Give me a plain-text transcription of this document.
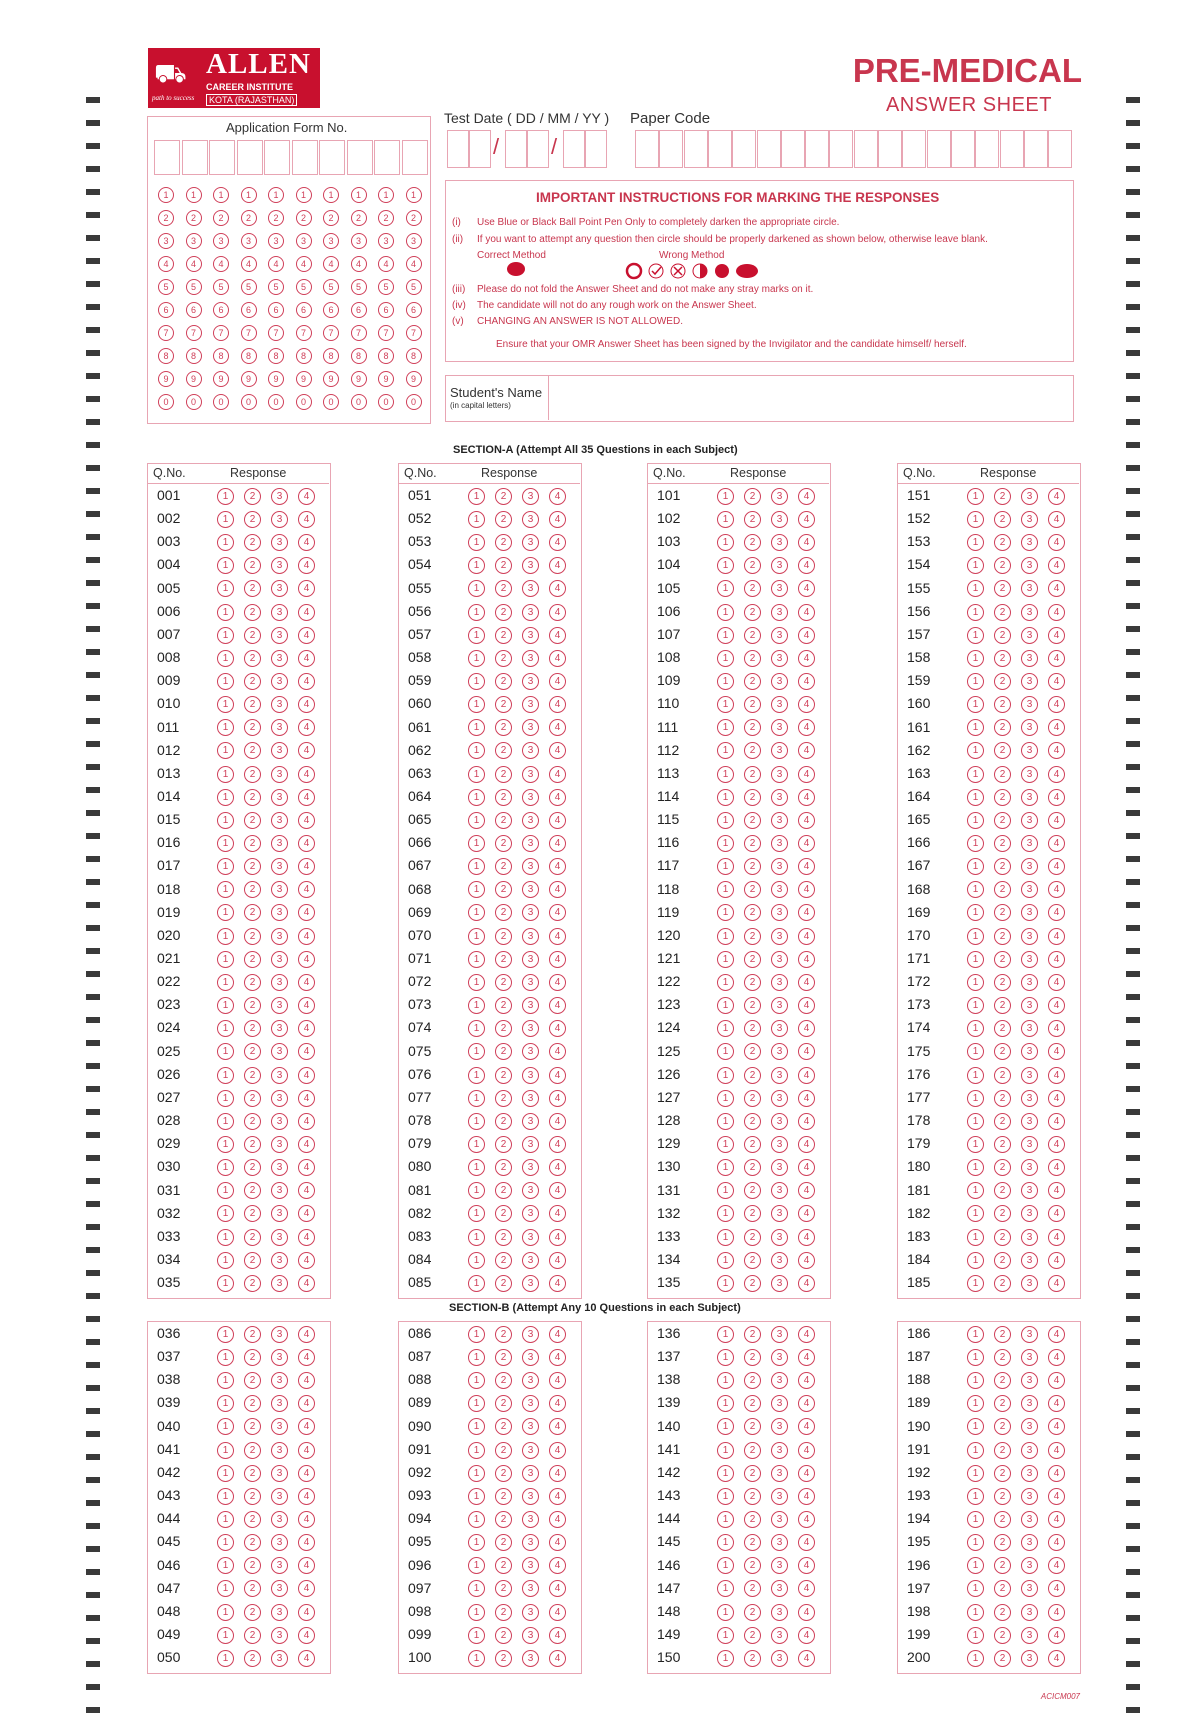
⛟ ALLEN
CAREER INSTITUTE
KOTA (RAJASTHAN)
path to success
PRE-MEDICAL
ANSWER SHEET
Application Form No.
1	1	1	1	1	1	1	1	1	1
2	2	2	2	2	2	2	2	2	2
3	3	3	3	3	3	3	3	3	3
4	4	4	4	4	4	4	4	4	4
5	5	5	5	5	5	5	5	5	5
6	6	6	6	6	6	6	6	6	6
7	7	7	7	7	7	7	7	7	7
8	8	8	8	8	8	8	8	8	8
9	9	9	9	9	9	9	9	9	9
0	0	0	0	0	0	0	0	0	0
Test Date ( DD / MM / YY ) Paper Code
/ /
IMPORTANT INSTRUCTIONS FOR MARKING THE RESPONSES
(i) Use Blue or Black Ball Point Pen Only to completely darken the appropriate circle.
(ii) If you want to attempt any question then circle should be properly darkened as shown below, otherwise leave blank.
Correct Method	Wrong Method
(iii) Please do not fold the Answer Sheet and do not make any stray marks on it.
(iv) The candidate will not do any rough work on the Answer Sheet.
(v) CHANGING AN ANSWER IS NOT ALLOWED.
Ensure that your OMR Answer Sheet has been signed by the Invigilator and the candidate himself/ herself.
Student's Name
(in capital letters)
SECTION-A (Attempt All 35 Questions in each Subject)
SECTION-B (Attempt Any 10 Questions in each Subject)
Q.No.	Response
001	1 2 3 4
002	1 2 3 4
003	1 2 3 4
004	1 2 3 4
005	1 2 3 4
006	1 2 3 4
007	1 2 3 4
008	1 2 3 4
009	1 2 3 4
010	1 2 3 4
011	1 2 3 4
012	1 2 3 4
013	1 2 3 4
014	1 2 3 4
015	1 2 3 4
016	1 2 3 4
017	1 2 3 4
018	1 2 3 4
019	1 2 3 4
020	1 2 3 4
021	1 2 3 4
022	1 2 3 4
023	1 2 3 4
024	1 2 3 4
025	1 2 3 4
026	1 2 3 4
027	1 2 3 4
028	1 2 3 4
029	1 2 3 4
030	1 2 3 4
031	1 2 3 4
032	1 2 3 4
033	1 2 3 4
034	1 2 3 4
035	1 2 3 4
Q.No.	Response
051	1 2 3 4
052	1 2 3 4
053	1 2 3 4
054	1 2 3 4
055	1 2 3 4
056	1 2 3 4
057	1 2 3 4
058	1 2 3 4
059	1 2 3 4
060	1 2 3 4
061	1 2 3 4
062	1 2 3 4
063	1 2 3 4
064	1 2 3 4
065	1 2 3 4
066	1 2 3 4
067	1 2 3 4
068	1 2 3 4
069	1 2 3 4
070	1 2 3 4
071	1 2 3 4
072	1 2 3 4
073	1 2 3 4
074	1 2 3 4
075	1 2 3 4
076	1 2 3 4
077	1 2 3 4
078	1 2 3 4
079	1 2 3 4
080	1 2 3 4
081	1 2 3 4
082	1 2 3 4
083	1 2 3 4
084	1 2 3 4
085	1 2 3 4
Q.No.	Response
101	1 2 3 4
102	1 2 3 4
103	1 2 3 4
104	1 2 3 4
105	1 2 3 4
106	1 2 3 4
107	1 2 3 4
108	1 2 3 4
109	1 2 3 4
110	1 2 3 4
111	1 2 3 4
112	1 2 3 4
113	1 2 3 4
114	1 2 3 4
115	1 2 3 4
116	1 2 3 4
117	1 2 3 4
118	1 2 3 4
119	1 2 3 4
120	1 2 3 4
121	1 2 3 4
122	1 2 3 4
123	1 2 3 4
124	1 2 3 4
125	1 2 3 4
126	1 2 3 4
127	1 2 3 4
128	1 2 3 4
129	1 2 3 4
130	1 2 3 4
131	1 2 3 4
132	1 2 3 4
133	1 2 3 4
134	1 2 3 4
135	1 2 3 4
Q.No.	Response
151	1 2 3 4
152	1 2 3 4
153	1 2 3 4
154	1 2 3 4
155	1 2 3 4
156	1 2 3 4
157	1 2 3 4
158	1 2 3 4
159	1 2 3 4
160	1 2 3 4
161	1 2 3 4
162	1 2 3 4
163	1 2 3 4
164	1 2 3 4
165	1 2 3 4
166	1 2 3 4
167	1 2 3 4
168	1 2 3 4
169	1 2 3 4
170	1 2 3 4
171	1 2 3 4
172	1 2 3 4
173	1 2 3 4
174	1 2 3 4
175	1 2 3 4
176	1 2 3 4
177	1 2 3 4
178	1 2 3 4
179	1 2 3 4
180	1 2 3 4
181	1 2 3 4
182	1 2 3 4
183	1 2 3 4
184	1 2 3 4
185	1 2 3 4
036	1 2 3 4
037	1 2 3 4
038	1 2 3 4
039	1 2 3 4
040	1 2 3 4
041	1 2 3 4
042	1 2 3 4
043	1 2 3 4
044	1 2 3 4
045	1 2 3 4
046	1 2 3 4
047	1 2 3 4
048	1 2 3 4
049	1 2 3 4
050	1 2 3 4
086	1 2 3 4
087	1 2 3 4
088	1 2 3 4
089	1 2 3 4
090	1 2 3 4
091	1 2 3 4
092	1 2 3 4
093	1 2 3 4
094	1 2 3 4
095	1 2 3 4
096	1 2 3 4
097	1 2 3 4
098	1 2 3 4
099	1 2 3 4
100	1 2 3 4
136	1 2 3 4
137	1 2 3 4
138	1 2 3 4
139	1 2 3 4
140	1 2 3 4
141	1 2 3 4
142	1 2 3 4
143	1 2 3 4
144	1 2 3 4
145	1 2 3 4
146	1 2 3 4
147	1 2 3 4
148	1 2 3 4
149	1 2 3 4
150	1 2 3 4
186	1 2 3 4
187	1 2 3 4
188	1 2 3 4
189	1 2 3 4
190	1 2 3 4
191	1 2 3 4
192	1 2 3 4
193	1 2 3 4
194	1 2 3 4
195	1 2 3 4
196	1 2 3 4
197	1 2 3 4
198	1 2 3 4
199	1 2 3 4
200	1 2 3 4
ACICM007
